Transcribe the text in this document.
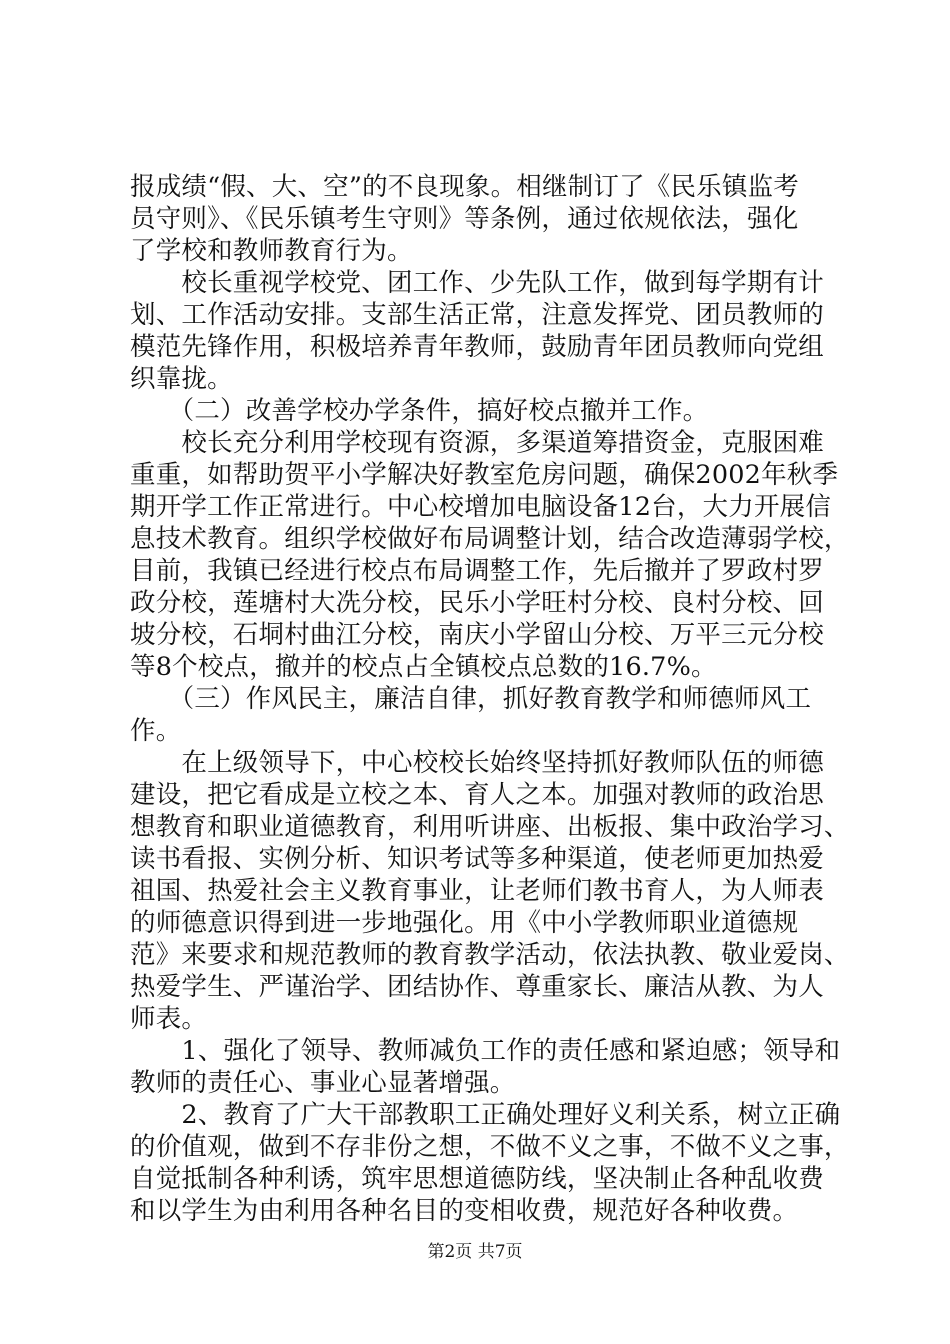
报成绩“假、大、空”的不良现象。相继制订了《民乐镇监考
员守则》、《民乐镇考生守则》等条例，通过依规依法，强化
了学校和教师教育行为。
　　校长重视学校党、团工作、少先队工作，做到每学期有计
划、工作活动安排。支部生活正常，注意发挥党、团员教师的
模范先锋作用，积极培养青年教师，鼓励青年团员教师向党组
织靠拢。
　　（二）改善学校办学条件，搞好校点撤并工作。
　　校长充分利用学校现有资源，多渠道筹措资金，克服困难
重重，如帮助贺平小学解决好教室危房问题，确保2002年秋季
期开学工作正常进行。中心校增加电脑设备12台，大力开展信
息技术教育。组织学校做好布局调整计划，结合改造薄弱学校，
目前，我镇已经进行校点布局调整工作，先后撤并了罗政村罗
政分校，莲塘村大冼分校，民乐小学旺村分校、良村分校、回
坡分校，石垌村曲江分校，南庆小学留山分校、万平三元分校
等8个校点，撤并的校点占全镇校点总数的16.7%。
　　（三）作风民主，廉洁自律，抓好教育教学和师德师风工
作。
　　在上级领导下，中心校校长始终坚持抓好教师队伍的师德
建设，把它看成是立校之本、育人之本。加强对教师的政治思
想教育和职业道德教育，利用听讲座、出板报、集中政治学习、
读书看报、实例分析、知识考试等多种渠道，使老师更加热爱
祖国、热爱社会主义教育事业，让老师们教书育人，为人师表
的师德意识得到进一步地强化。用《中小学教师职业道德规
范》来要求和规范教师的教育教学活动，依法执教、敬业爱岗、
热爱学生、严谨治学、团结协作、尊重家长、廉洁从教、为人
师表。
　　1、强化了领导、教师减负工作的责任感和紧迫感；领导和
教师的责任心、事业心显著增强。
　　2、教育了广大干部教职工正确处理好义利关系，树立正确
的价值观，做到不存非份之想，不做不义之事，不做不义之事，
自觉抵制各种利诱，筑牢思想道德防线，坚决制止各种乱收费
和以学生为由利用各种名目的变相收费，规范好各种收费。
第2页 共7页
